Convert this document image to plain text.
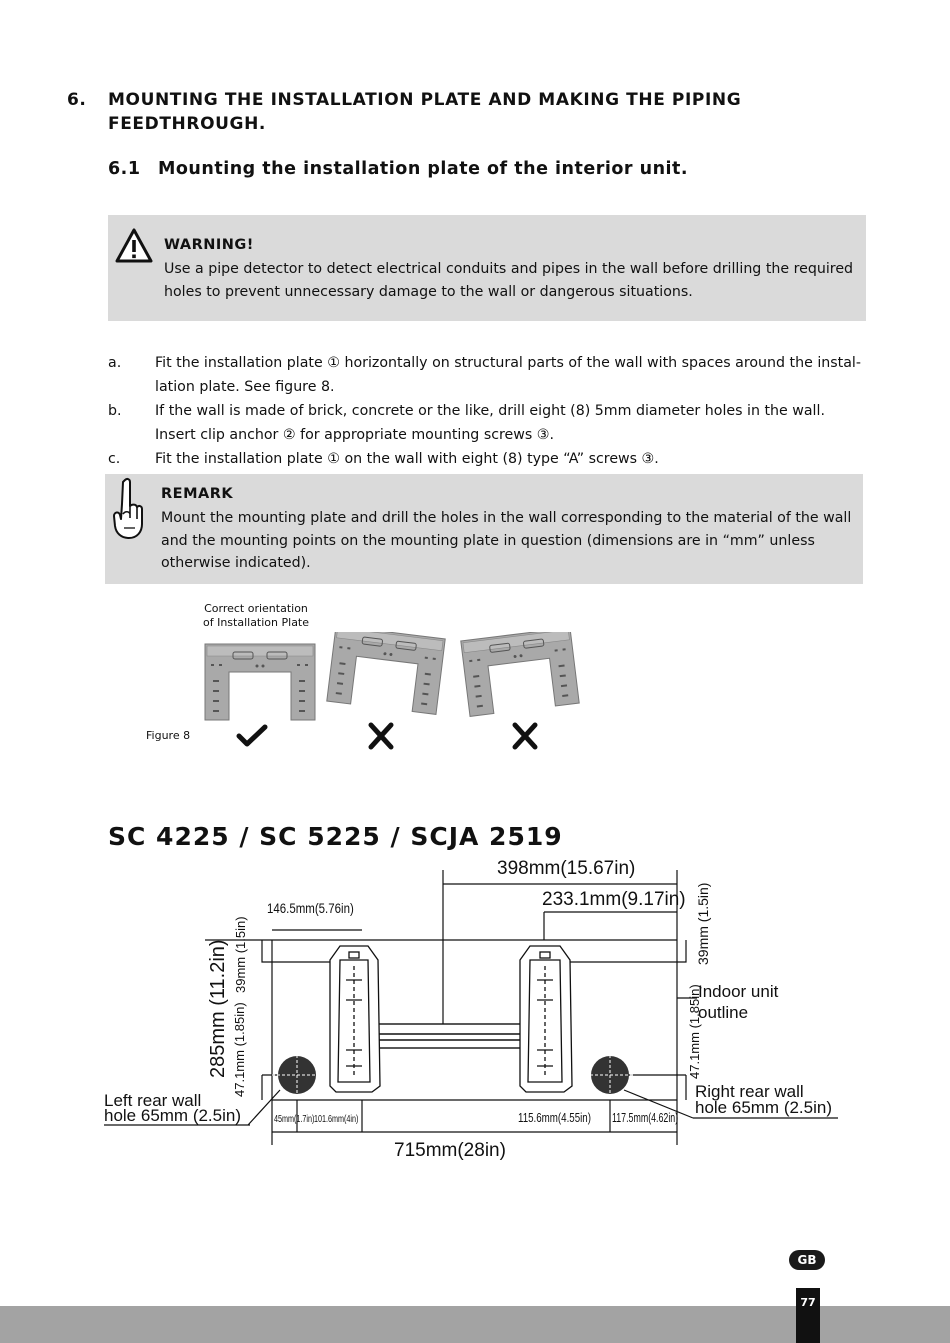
6. MOUNTING THE INSTALLATION PLATE AND MAKING THE PIPING FEEDTHROUGH.
6.1 Mounting the installation plate of the interior unit.
WARNING!
Use a pipe detector to detect electrical conduits and pipes in the wall before drilling the required holes to prevent unnecessary damage to the wall or dangerous situations.
a. Fit the installation plate ① horizontally on structural parts of the wall with spaces around the instal-lation plate. See figure 8.
b. If the wall is made of brick, concrete or the like, drill eight (8) 5mm diameter holes in the wall. Insert clip anchor ② for appropriate mounting screws ③.
c. Fit the installation plate ① on the wall with eight (8) type “A” screws ③.
REMARK
Mount the mounting plate and drill the holes in the wall corresponding to the material of the wall and the mounting points on the mounting plate in question (dimensions are in “mm” unless otherwise indicated).
Correct orientation
of Installation Plate
Figure 8
SC 4225 / SC 5225 / SCJA 2519
398mm(15.67in)
233.1mm(9.17in)
146.5mm(5.76in)	39mm (1.5in)
39mm (1.5in)
285mm (11.2in) 47.1mm (1.85in)	47.1mm (1.85in)
Indoor unit
outline
Left rear wall
hole 65mm (2.5in)
Right rear wall
hole 65mm (2.5in)
45mm(1.7in) 101.6mm(4in)	115.6mm(4.55in) 117.5mm(4.62in)
715mm(28in)
GB
77
